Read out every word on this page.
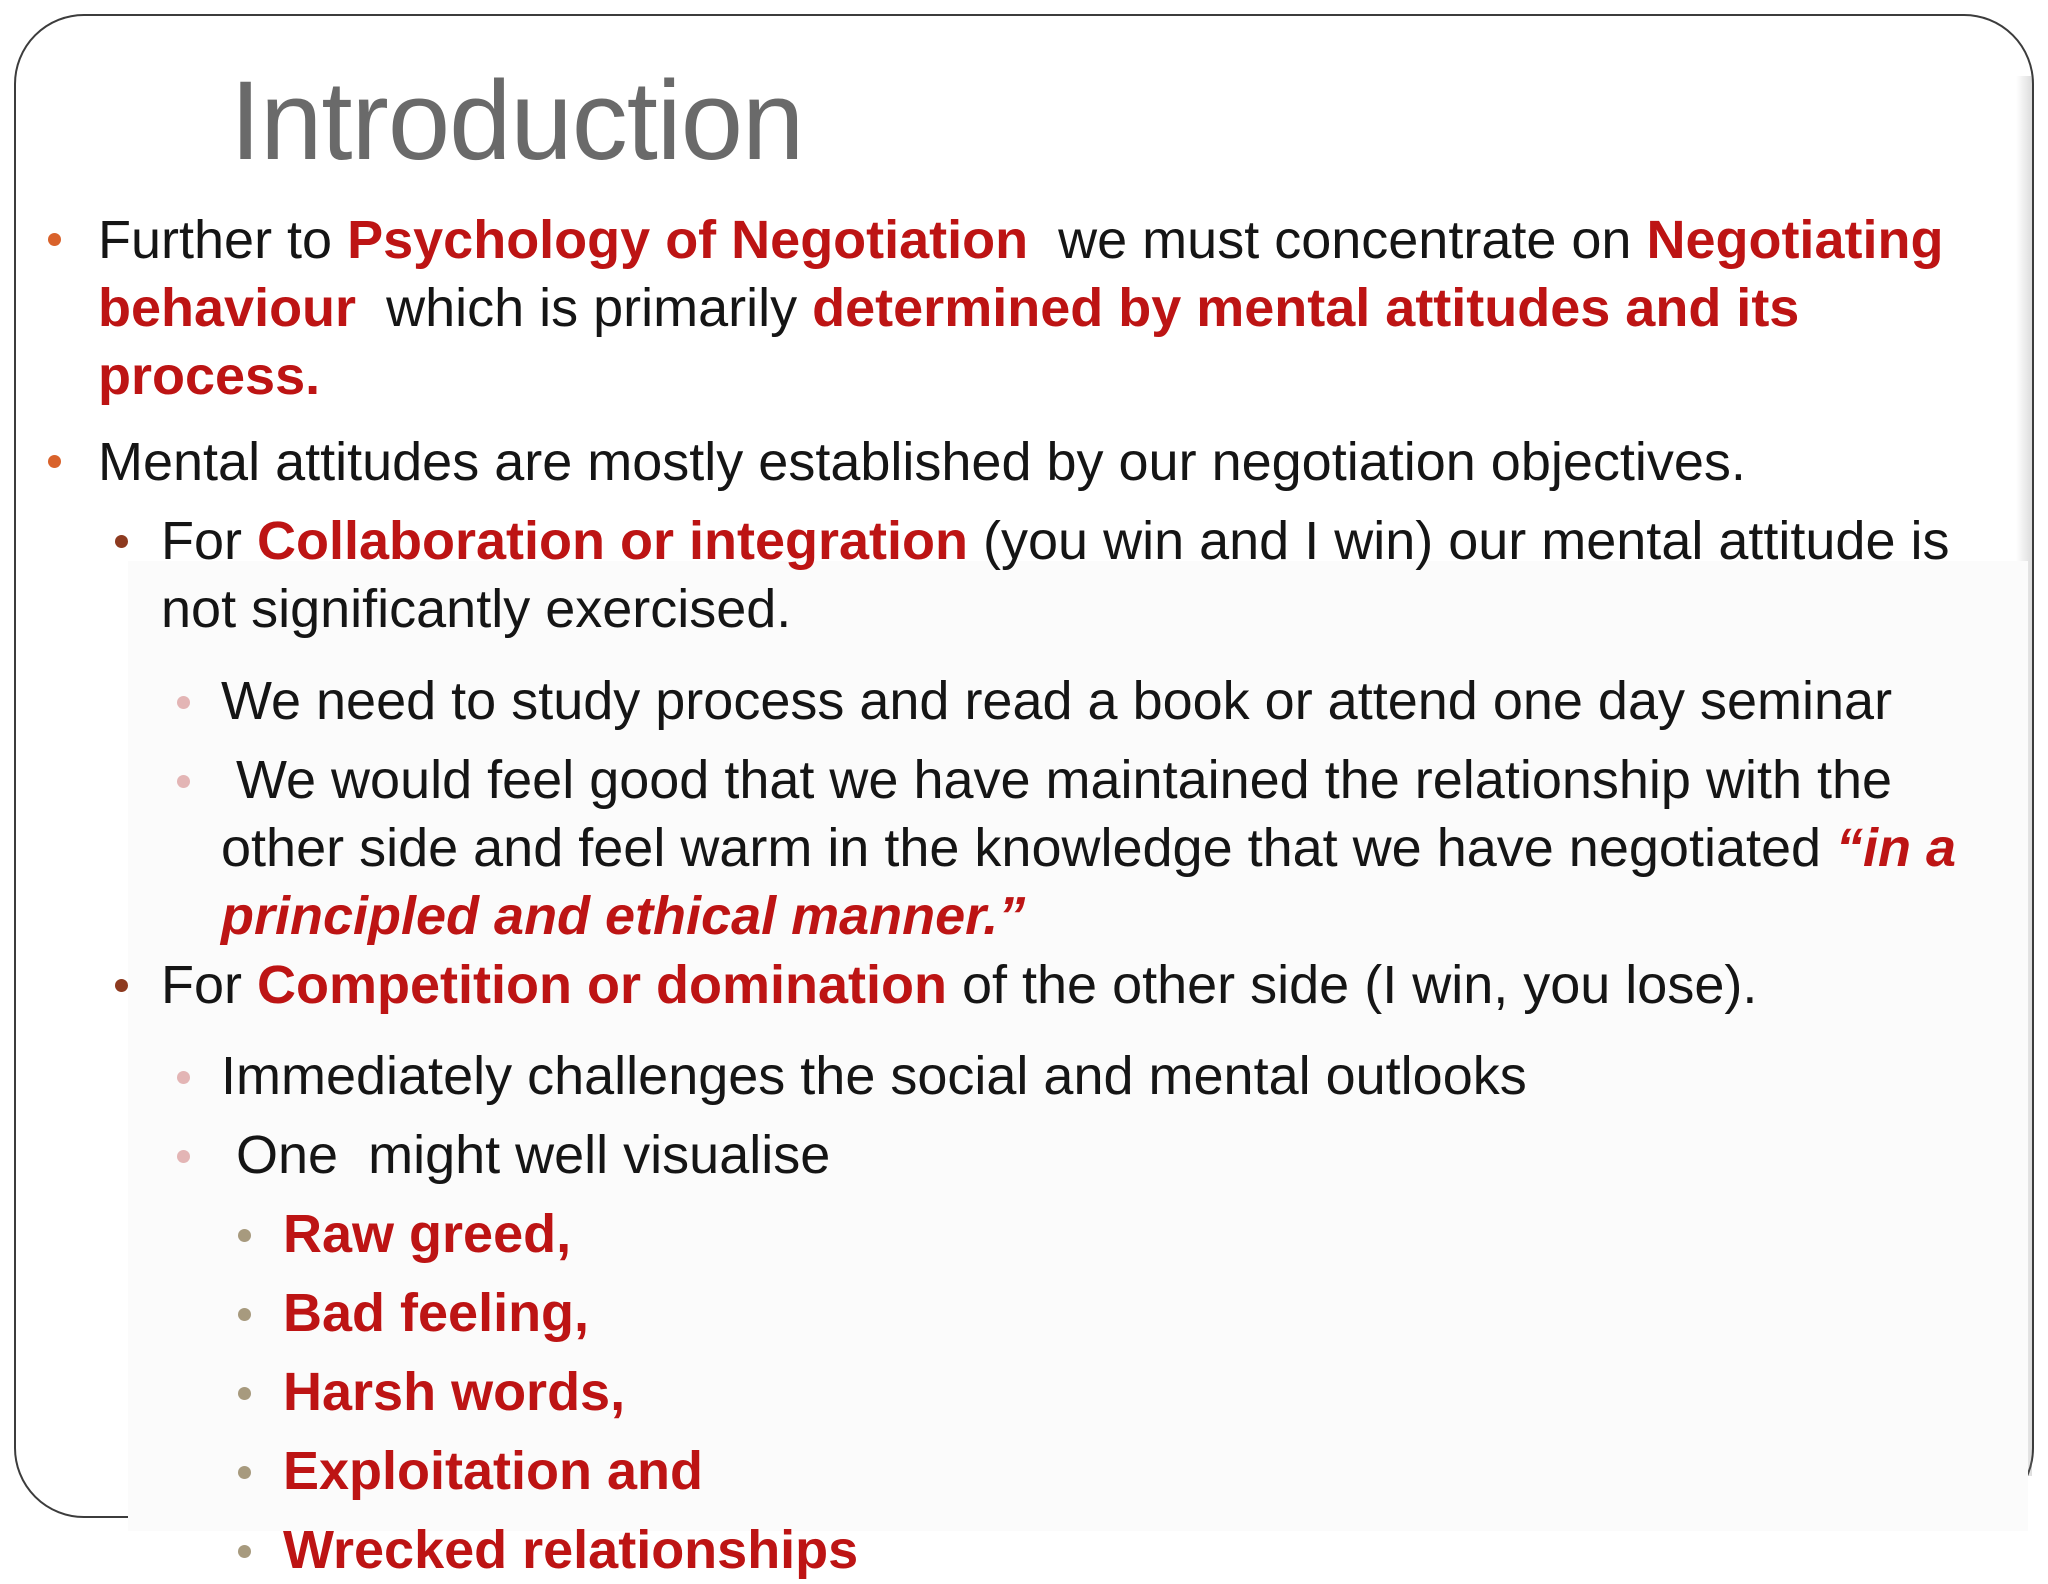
Introduction

Further to Psychology of Negotiation  we must concentrate on Negotiating behaviour  which is primarily determined by mental attitudes and its process.

Mental attitudes are mostly established by our negotiation objectives.

For Collaboration or integration (you win and I win) our mental attitude is not significantly exercised.

We need to study process and read a book or attend one day seminar

We would feel good that we have maintained the relationship with the other side and feel warm in the knowledge that we have negotiated “in a principled and ethical manner.”

For Competition or domination of the other side (I win, you lose).

Immediately challenges the social and mental outlooks

One  might well visualise

Raw greed,

Bad feeling,

Harsh words,

Exploitation and

Wrecked relationships
